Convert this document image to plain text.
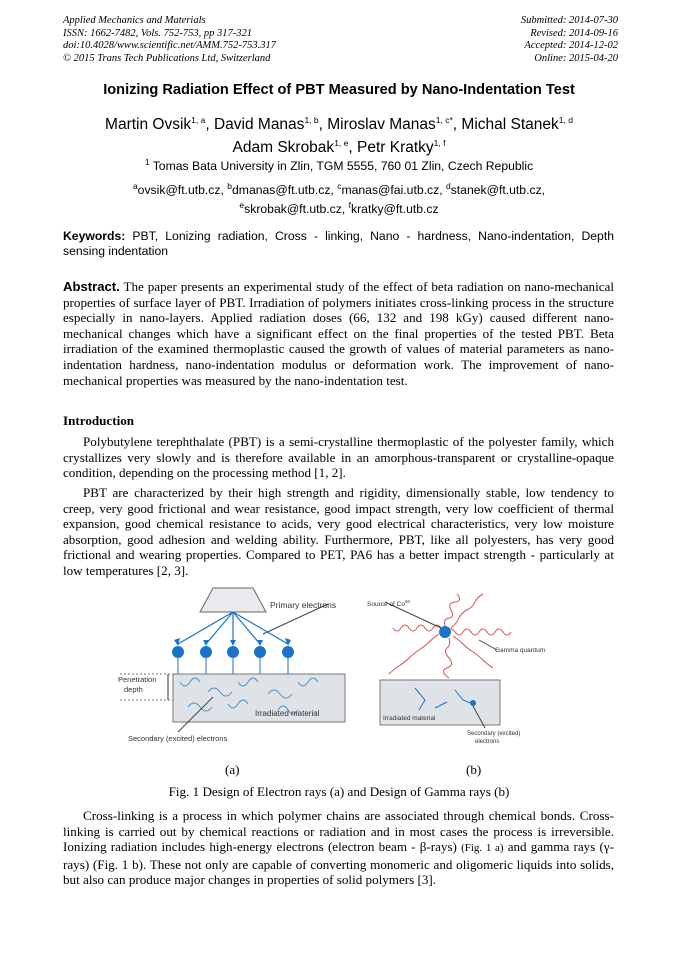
Applied Mechanics and Materials
ISSN: 1662-7482, Vols. 752-753, pp 317-321
doi:10.4028/www.scientific.net/AMM.752-753.317
© 2015 Trans Tech Publications Ltd, Switzerland
Submitted: 2014-07-30
Revised: 2014-09-16
Accepted: 2014-12-02
Online: 2015-04-20
Ionizing Radiation Effect of PBT Measured by Nano-Indentation Test
Martin Ovsik$^{1, a}$, David Manas$^{1, b}$, Miroslav Manas$^{1, c*}$, Michal Stanek$^{1, d}$
Adam Skrobak$^{1, e}$, Petr Kratky$^{1, f}$
$^1$ Tomas Bata University in Zlin, TGM 5555, 760 01 Zlin, Czech Republic
$^a$ovsik@ft.utb.cz, $^b$dmanas@ft.utb.cz, $^c$manas@fai.utb.cz, $^d$stanek@ft.utb.cz,
$^e$skrobak@ft.utb.cz, $^f$kratky@ft.utb.cz
Keywords: PBT, Lonizing radiation, Cross - linking, Nano - hardness, Nano-indentation, Depth sensing indentation
Abstract. The paper presents an experimental study of the effect of beta radiation on nano-mechanical properties of surface layer of PBT. Irradiation of polymers initiates cross-linking process in the structure especially in nano-layers. Applied radiation doses (66, 132 and 198 kGy) caused different nano-mechanical changes which have a significant effect on the final properties of the tested PBT. Beta irradiation of the examined thermoplastic caused the growth of values of material parameters as nano-indentation hardness, nano-indentation modulus or deformation work. The improvement of nano-mechanical properties was measured by the nano-indentation test.
Introduction
Polybutylene terephthalate (PBT) is a semi-crystalline thermoplastic of the polyester family, which crystallizes very slowly and is therefore available in an amorphous-transparent or crystalline-opaque condition, depending on the processing method [1, 2].
PBT are characterized by their high strength and rigidity, dimensionally stable, low tendency to creep, very good frictional and wear resistance, good impact strength, very low coefficient of thermal expansion, good chemical resistance to acids, very good electrical characteristics, very low moisture absorption, good adhesion and welding ability. Furthermore, PBT, like all polyesters, has very good frictional and wearing properties. Compared to PET, PA6 has a better impact strength - particularly at low temperatures [2, 3].
Primary electrons
Penetration
depth
Irradiated material
Secondary (excited) electrons
Source of Co$^{60}$
Gamma quantum
Irradiated material
Secondary (excited)
electrons
(a)	(b)
Fig. 1 Design of Electron rays (a) and Design of Gamma rays (b)
Cross-linking is a process in which polymer chains are associated through chemical bonds. Cross-linking is carried out by chemical reactions or radiation and in most cases the process is irreversible. Ionizing radiation includes high-energy electrons (electron beam - β-rays) (Fig. 1 a) and gamma rays (γ-rays) (Fig. 1 b). These not only are capable of converting monomeric and oligomeric liquids into solids, but also can produce major changes in properties of solid polymers [3].
